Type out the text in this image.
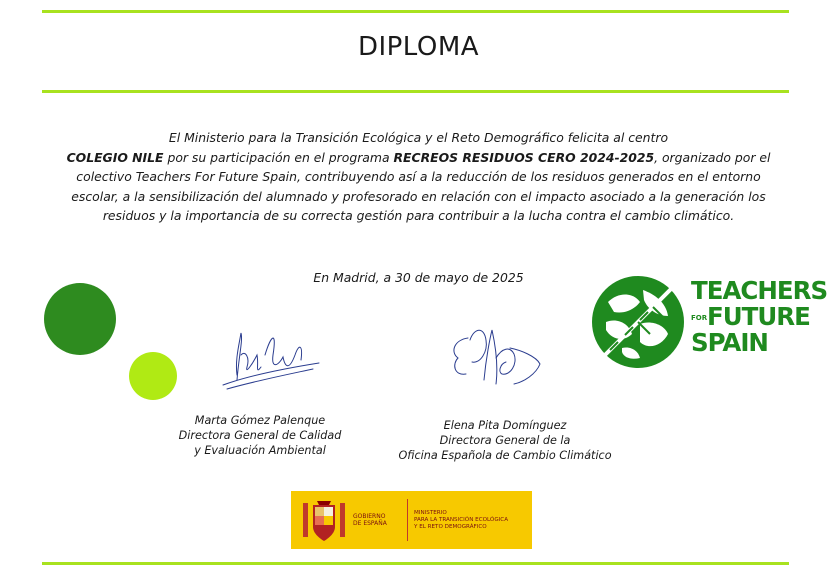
DIPLOMA
El Ministerio para la Transición Ecológica y el Reto Demográfico felicita al centro
COLEGIO NILE por su participación en el programa RECREOS RESIDUOS CERO 2024-2025, organizado por el colectivo Teachers For Future Spain, contribuyendo así a la reducción de los residuos generados en el entorno escolar, a la sensibilización del alumnado y profesorado en relación con el impacto asociado a la generación los residuos y la importancia de su correcta gestión para contribuir a la lucha contra el cambio climático.
En Madrid, a 30 de mayo de 2025
Marta Gómez Palenque
Directora General de Calidad
y Evaluación Ambiental
Elena Pita Domínguez
Directora General de la
Oficina Española de Cambio Climático
TEACHERS
FORFUTURE
SPAIN
GOBIERNO
DE ESPAÑA
MINISTERIO
PARA LA TRANSICIÓN ECOLÓGICA
Y EL RETO DEMOGRÁFICO
